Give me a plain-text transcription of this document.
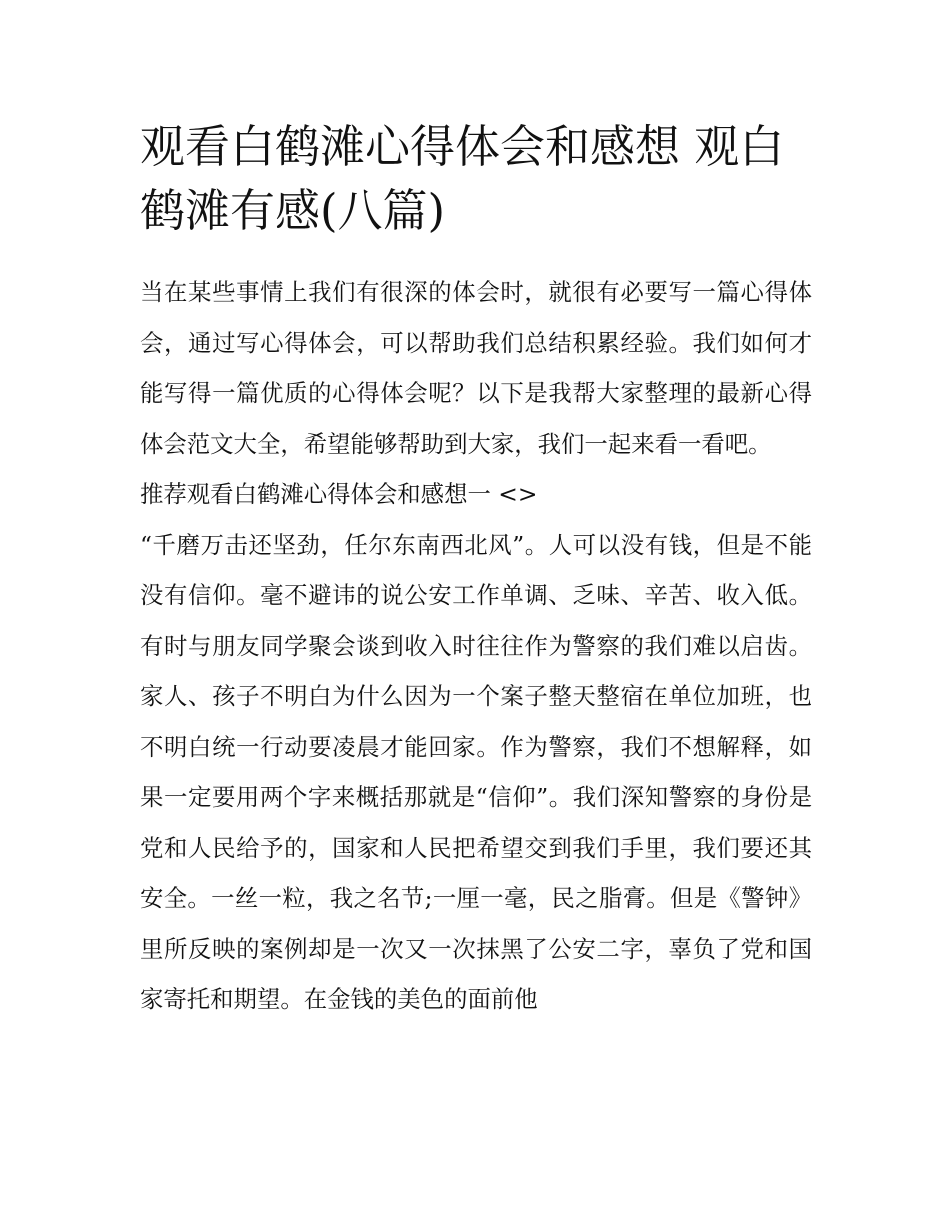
观看白鹤滩心得体会和感想 观白鹤滩有感(八篇)

当在某些事情上我们有很深的体会时，就很有必要写一篇心得体会，通过写心得体会，可以帮助我们总结积累经验。我们如何才能写得一篇优质的心得体会呢？以下是我帮大家整理的最新心得体会范文大全，希望能够帮助到大家，我们一起来看一看吧。

推荐观看白鹤滩心得体会和感想一 <>

“千磨万击还坚劲，任尔东南西北风”。人可以没有钱，但是不能没有信仰。毫不避讳的说公安工作单调、乏味、辛苦、收入低。有时与朋友同学聚会谈到收入时往往作为警察的我们难以启齿。家人、孩子不明白为什么因为一个案子整天整宿在单位加班，也不明白统一行动要凌晨才能回家。作为警察，我们不想解释，如果一定要用两个字来概括那就是“信仰”。我们深知警察的身份是党和人民给予的，国家和人民把希望交到我们手里，我们要还其安全。一丝一粒，我之名节;一厘一毫，民之脂膏。但是《警钟》里所反映的案例却是一次又一次抹黑了公安二字，辜负了党和国家寄托和期望。在金钱的美色的面前他
